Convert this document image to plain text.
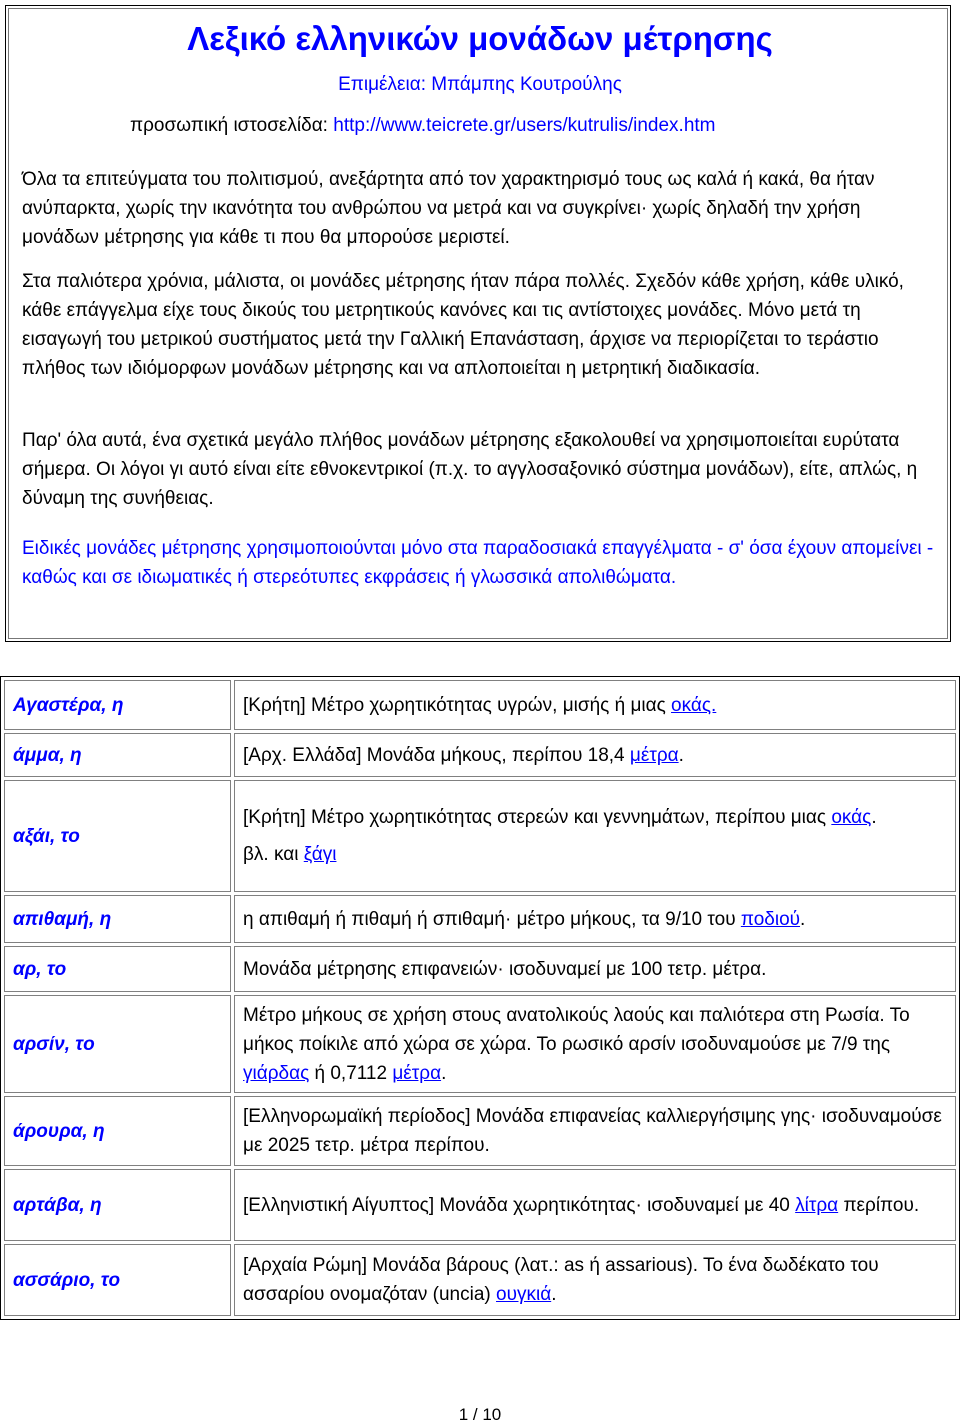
Λεξικό ελληνικών μονάδων μέτρησης
Επιμέλεια: Μπάμπης Κουτρούλης
προσωπική ιστοσελίδα: http://www.teicrete.gr/users/kutrulis/index.htm

Όλα τα επιτεύγματα του πολιτισμού, ανεξάρτητα από τον χαρακτηρισμό τους ως καλά ή κακά, θα ήταν ανύπαρκτα, χωρίς την ικανότητα του ανθρώπου να μετρά και να συγκρίνει· χωρίς δηλαδή την χρήση μονάδων μέτρησης για κάθε τι που θα μπορούσε μεριστεί.

Στα παλιότερα χρόνια, μάλιστα, οι μονάδες μέτρησης ήταν πάρα πολλές. Σχεδόν κάθε χρήση, κάθε υλικό, κάθε επάγγελμα είχε τους δικούς του μετρητικούς κανόνες και τις αντίστοιχες μονάδες. Μόνο μετά τη εισαγωγή του μετρικού συστήματος μετά την Γαλλική Επανάσταση, άρχισε να περιορίζεται το τεράστιο πλήθος των ιδιόμορφων μονάδων μέτρησης και να απλοποιείται η μετρητική διαδικασία.

Παρ' όλα αυτά, ένα σχετικά μεγάλο πλήθος μονάδων μέτρησης εξακολουθεί να χρησιμοποιείται ευρύτατα σήμερα. Οι λόγοι γι αυτό είναι είτε εθνοκεντρικοί (π.χ. το αγγλοσαξονικό σύστημα μονάδων), είτε, απλώς, η δύναμη της συνήθειας.

Ειδικές μονάδες μέτρησης χρησιμοποιούνται μόνο στα παραδοσιακά επαγγέλματα - σ' όσα έχουν απομείνει - καθώς και σε ιδιωματικές ή στερεότυπες εκφράσεις ή γλωσσικά απολιθώματα.

Αγαστέρα, η	[Κρήτη] Μέτρο χωρητικότητας υγρών, μισής ή μιας οκάς.
άμμα, η	[Αρχ. Ελλάδα] Μονάδα μήκους, περίπου 18,4 μέτρα.
αξάι, το	[Κρήτη] Μέτρο χωρητικότητας στερεών και γεννημάτων, περίπου μιας οκάς.

βλ. και ξάγι

απιθαμή, η	η απιθαμή ή πιθαμή ή σπιθαμή· μέτρο μήκους, τα 9/10 του ποδιού.
αρ, το	Μονάδα μέτρησης επιφανειών· ισοδυναμεί με 100 τετρ. μέτρα.
αρσίν, το	Μέτρο μήκους σε χρήση στους ανατολικούς λαούς και παλιότερα στη Ρωσία. Το μήκος ποίκιλε από χώρα σε χώρα. Το ρωσικό αρσίν ισοδυναμούσε με 7/9 της γιάρδας ή 0,7112 μέτρα.
άρουρα, η	[Ελληνορωμαϊκή περίοδος] Μονάδα επιφανείας καλλιεργήσιμης γης· ισοδυναμούσε με 2025 τετρ. μέτρα περίπου.
αρτάβα, η	[Ελληνιστική Αίγυπτος] Μονάδα χωρητικότητας· ισοδυναμεί με 40 λίτρα περίπου.
ασσάριο, το	[Αρχαία Ρώμη] Μονάδα βάρους (λατ.: as ή assarious). Το ένα δωδέκατο του ασσαρίου ονομαζόταν (uncia) ουγκιά.
1 / 10
